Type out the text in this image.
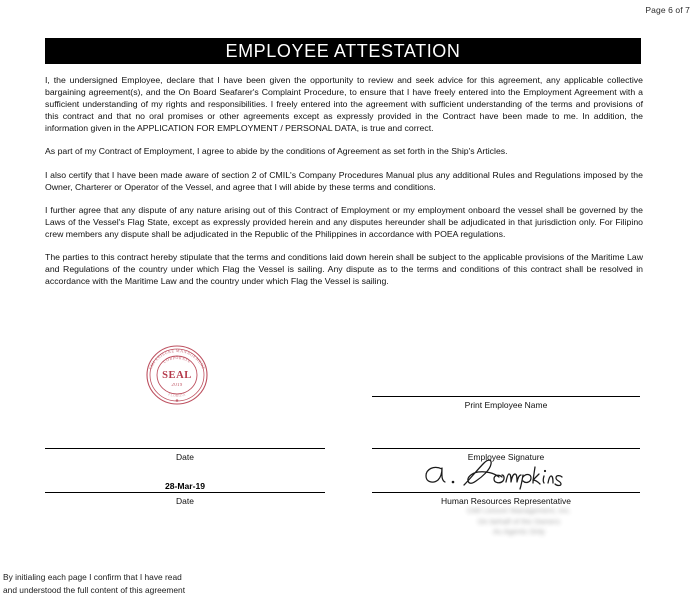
Page 6 of 7
EMPLOYEE ATTESTATION

I, the undersigned Employee, declare that I have been given the opportunity to review and seek advice for this agreement, any applicable collective bargaining agreement(s), and the On Board Seafarer's Complaint Procedure, to ensure that I have freely entered into the Employment Agreement with a sufficient understanding of my rights and responsibilities. I freely entered into the agreement with sufficient understanding of the terms and provisions of this contract and that no oral promises or other agreements except as expressly provided in the Contract have been made to me. In addition, the information given in the APPLICATION FOR EMPLOYMENT / PERSONAL DATA, is true and correct.

As part of my Contract of Employment, I agree to abide by the conditions of Agreement as set forth in the Ship's Articles.

I also certify that I have been made aware of section 2 of CMIL's Company Procedures Manual plus any additional Rules and Regulations imposed by the Owner, Charterer or Operator of the Vessel, and agree that I will abide by these terms and conditions.

I further agree that any dispute of any nature arising out of this Contract of Employment or my employment onboard the vessel shall be governed by the Laws of the Vessel's Flag State, except as expressly provided herein and any disputes hereunder shall be adjudicated in that jurisdiction only. For Filipino crew members any dispute shall be adjudicated in the Republic of the Philippines in accordance with POEA regulations.

The parties to this contract hereby stipulate that the terms and conditions laid down herein shall be subject to the applicable provisions of the Maritime Law and Regulations of the country under which Flag the Vessel is sailing. Any dispute as to the terms and conditions of this contract shall be resolved in accordance with the Maritime Law and the country under which Flag the Vessel is sailing.

CMI LEISURE MANAGEMENT
CORPORATE
FLORIDA
SEAL
2019
Print Employee Name
Employee Signature
Human Resources Representative
CMI Leisure Management, Inc.
On behalf of the Owners
As Agents Only
Date
28-Mar-19
Date
By initialing each page I confirm that I have read
and understood the full content of this agreement
